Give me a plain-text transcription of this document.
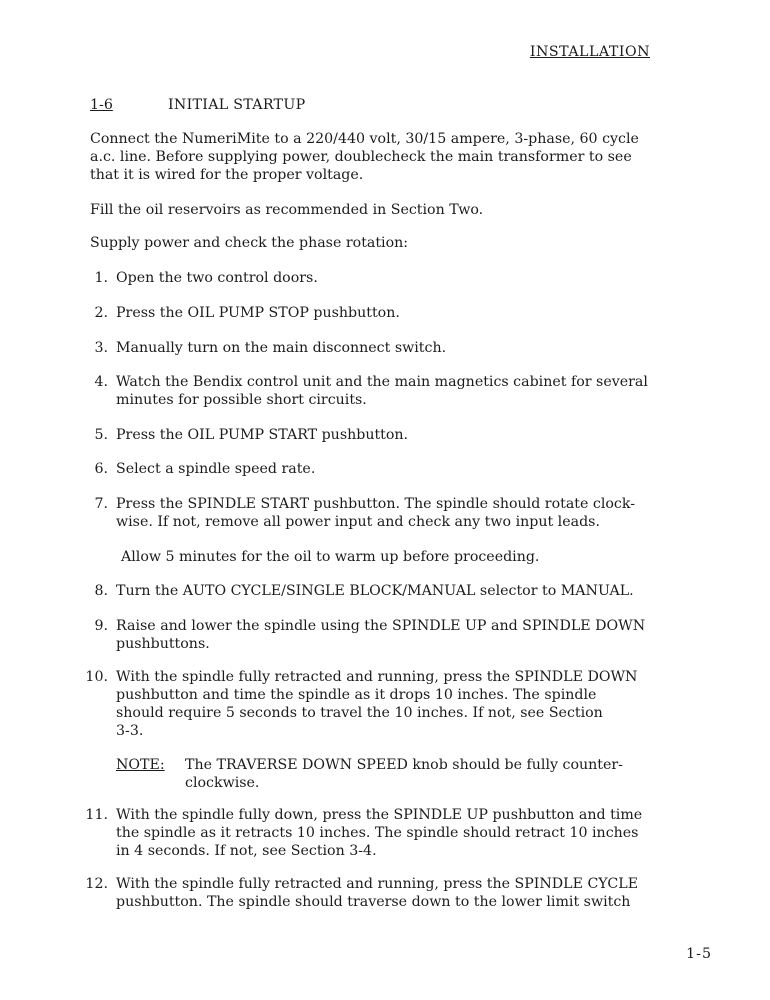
INSTALLATION
1-6	INITIAL STARTUP
Connect the NumeriMite to a 220/440 volt, 30/15 ampere, 3-phase, 60 cycle
a.c. line. Before supplying power, doublecheck the main transformer to see
that it is wired for the proper voltage.
Fill the oil reservoirs as recommended in Section Two.
Supply power and check the phase rotation:
1. Open the two control doors.

2. Press the OIL PUMP STOP pushbutton.

3. Manually turn on the main disconnect switch.

4. Watch the Bendix control unit and the main magnetics cabinet for several
minutes for possible short circuits.

5. Press the OIL PUMP START pushbutton.

6. Select a spindle speed rate.

7. Press the SPINDLE START pushbutton. The spindle should rotate clock-
wise. If not, remove all power input and check any two input leads.

Allow 5 minutes for the oil to warm up before proceeding.
8. Turn the AUTO CYCLE/SINGLE BLOCK/MANUAL selector to MANUAL.

9. Raise and lower the spindle using the SPINDLE UP and SPINDLE DOWN
pushbuttons.

10. With the spindle fully retracted and running, press the SPINDLE DOWN
pushbutton and time the spindle as it drops 10 inches. The spindle
should require 5 seconds to travel the 10 inches. If not, see Section
3-3.

NOTE: The TRAVERSE DOWN SPEED knob should be fully counter-
clockwise.

11. With the spindle fully down, press the SPINDLE UP pushbutton and time
the spindle as it retracts 10 inches. The spindle should retract 10 inches
in 4 seconds. If not, see Section 3-4.

12. With the spindle fully retracted and running, press the SPINDLE CYCLE
pushbutton. The spindle should traverse down to the lower limit switch

1-5
